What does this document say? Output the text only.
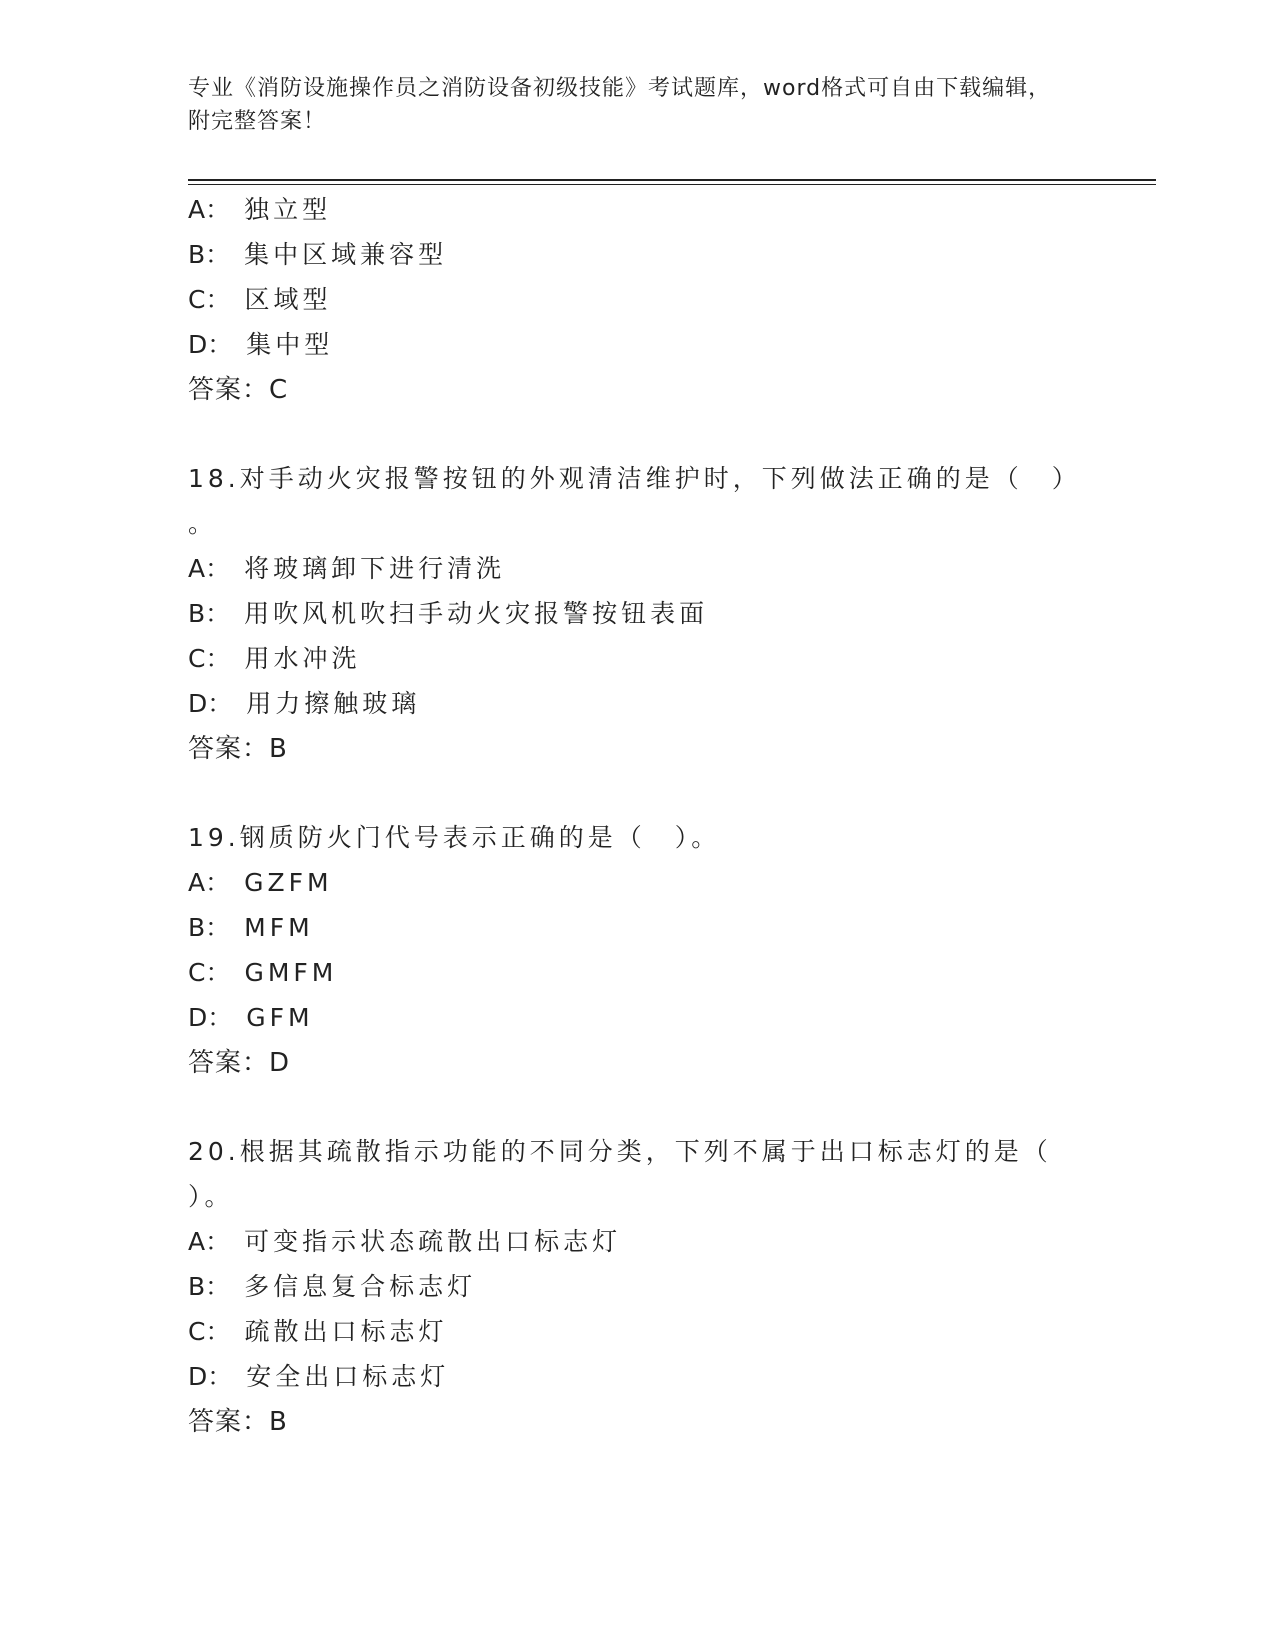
专业《消防设施操作员之消防设备初级技能》考试题库，word格式可自由下载编辑，附完整答案！
A： 独立型
B： 集中区域兼容型
C： 区域型
D： 集中型
答案：C
18.对手动火灾报警按钮的外观清洁维护时，下列做法正确的是（　）
。
A： 将玻璃卸下进行清洗
B： 用吹风机吹扫手动火灾报警按钮表面
C： 用水冲洗
D： 用力擦触玻璃
答案：B
19.钢质防火门代号表示正确的是（　）。
A： GZFM
B： MFM
C： GMFM
D： GFM
答案：D
20.根据其疏散指示功能的不同分类，下列不属于出口标志灯的是（
）。
A： 可变指示状态疏散出口标志灯
B： 多信息复合标志灯
C： 疏散出口标志灯
D： 安全出口标志灯
答案：B
